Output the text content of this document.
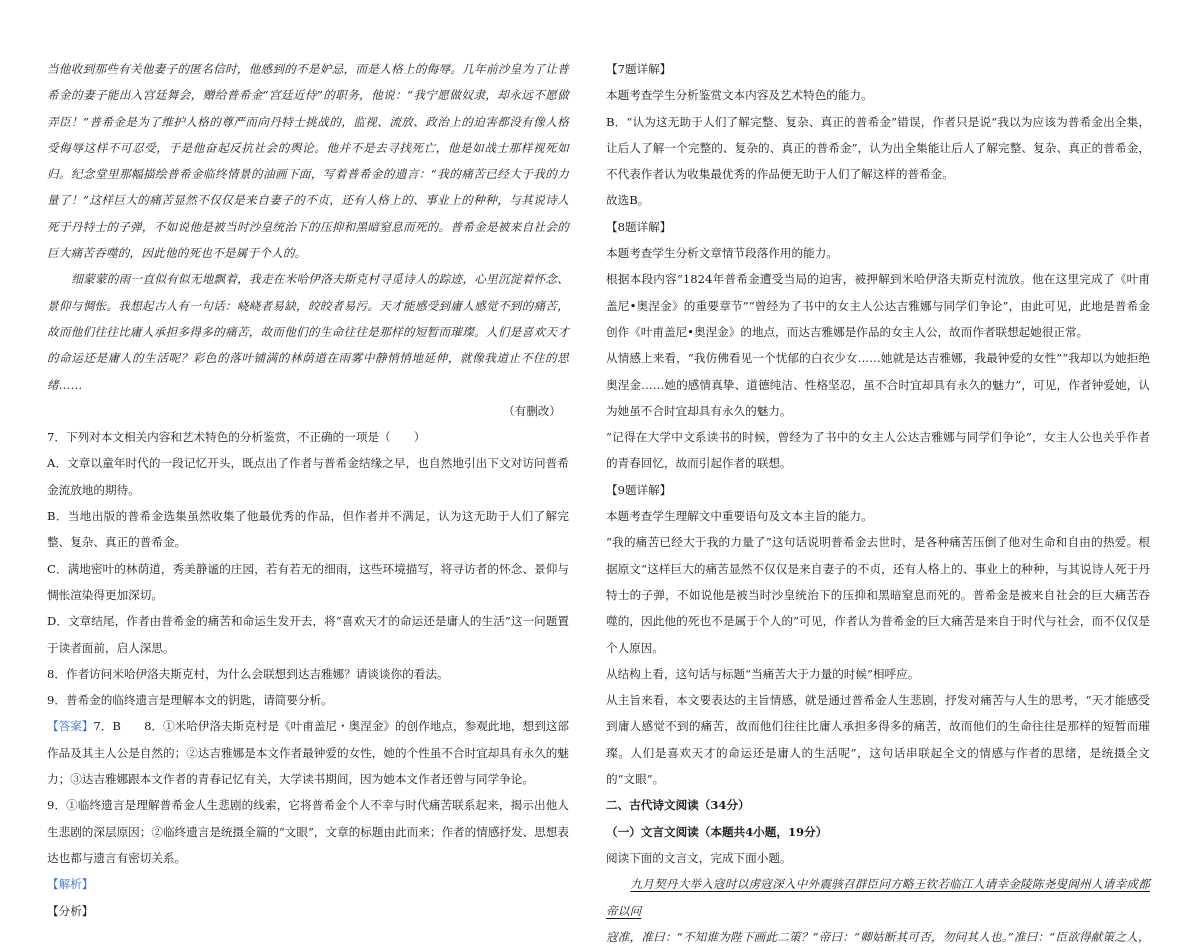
当他收到那些有关他妻子的匿名信时，他感到的不是妒忌，而是人格上的侮辱。几年前沙皇为了让普希金的妻子能出入宫廷舞会，赠给普希金“宫廷近侍”的职务，他说：“我宁愿做奴隶，却永远不愿做弄臣！”普希金是为了维护人格的尊严而向丹特士挑战的，监视、流放、政治上的迫害都没有像人格受侮辱这样不可忍受，于是他奋起反抗社会的舆论。他并不是去寻找死亡，他是如战士那样视死如归。纪念堂里那幅描绘普希金临终情景的油画下面，写着普希金的遗言：“我的痛苦已经大于我的力量了！”这样巨大的痛苦显然不仅仅是来自妻子的不贞，还有人格上的、事业上的种种，与其说诗人死于丹特士的子弹，不如说他是被当时沙皇统治下的压抑和黑暗窒息而死的。普希金是被来自社会的巨大痛苦吞噬的，因此他的死也不是属于个人的。

细蒙蒙的雨一直似有似无地飘着，我走在米哈伊洛夫斯克村寻觅诗人的踪迹，心里沉淀着怀念、景仰与惆怅。我想起古人有一句话：峣峣者易缺，皎皎者易污。天才能感受到庸人感觉不到的痛苦，故而他们往往比庸人承担多得多的痛苦，故而他们的生命往往是那样的短暂而璀璨。人们是喜欢天才的命运还是庸人的生活呢？彩色的落叶铺满的林荫道在雨雾中静悄悄地延伸，就像我道止不住的思绪……

（有删改）

7．下列对本文相关内容和艺术特色的分析鉴赏，不正确的一项是（　　）

A．文章以童年时代的一段记忆开头，既点出了作者与普希金结缘之早，也自然地引出下文对访问普希金流放地的期待。

B．当地出版的普希金选集虽然收集了他最优秀的作品，但作者并不满足，认为这无助于人们了解完整、复杂、真正的普希金。

C．满地密叶的林荫道，秀美静谧的庄园，若有若无的细雨，这些环境描写，将寻访者的怀念、景仰与惆怅渲染得更加深切。

D．文章结尾，作者由普希金的痛苦和命运生发开去，将“喜欢天才的命运还是庸人的生活”这一问题置于读者面前，启人深思。

8．作者访问米哈伊洛夫斯克村，为什么会联想到达吉雅娜？请谈谈你的看法。

9．普希金的临终遗言是理解本文的钥匙，请简要分析。

【答案】7．B　　8．①米哈伊洛夫斯克村是《叶甫盖尼・奥涅金》的创作地点，参观此地，想到这部作品及其主人公是自然的；②达吉雅娜是本文作者最钟爱的女性，她的个性虽不合时宜却具有永久的魅力；③达吉雅娜跟本文作者的青春记忆有关，大学读书期间，因为她本文作者还曾与同学争论。

9．①临终遗言是理解普希金人生悲剧的线索，它将普希金个人不幸与时代痛苦联系起来，揭示出他人生悲剧的深层原因；②临终遗言是统摄全篇的“文眼”，文章的标题由此而来；作者的情感抒发、思想表达也都与遗言有密切关系。

【解析】

【分析】

【7题详解】

本题考查学生分析鉴赏文本内容及艺术特色的能力。

B．“认为这无助于人们了解完整、复杂、真正的普希金”错误，作者只是说“我以为应该为普希金出全集，让后人了解一个完整的、复杂的、真正的普希金”，认为出全集能让后人了解完整、复杂、真正的普希金，不代表作者认为收集最优秀的作品便无助于人们了解这样的普希金。

故选B。

【8题详解】

本题考查学生分析文章情节段落作用的能力。

根据本段内容“1824年普希金遭受当局的迫害，被押解到米哈伊洛夫斯克村流放。他在这里完成了《叶甫盖尼•奥涅金》的重要章节”“曾经为了书中的女主人公达吉雅娜与同学们争论”，由此可见，此地是普希金创作《叶甫盖尼•奥涅金》的地点，而达吉雅娜是作品的女主人公，故而作者联想起她很正常。

从情感上来看，“我仿佛看见一个忧郁的白衣少女……她就是达吉雅娜，我最钟爱的女性”“我却以为她拒绝奥涅金……她的感情真挚、道德纯洁、性格坚忍，虽不合时宜却具有永久的魅力”，可见，作者钟爱她，认为她虽不合时宜却具有永久的魅力。

“记得在大学中文系读书的时候，曾经为了书中的女主人公达吉雅娜与同学们争论”，女主人公也关乎作者的青春回忆，故而引起作者的联想。

【9题详解】

本题考查学生理解文中重要语句及文本主旨的能力。

“我的痛苦已经大于我的力量了”这句话说明普希金去世时，是各种痛苦压倒了他对生命和自由的热爱。根据原文“这样巨大的痛苦显然不仅仅是来自妻子的不贞，还有人格上的、事业上的种种，与其说诗人死于丹特士的子弹，不如说他是被当时沙皇统治下的压抑和黑暗窒息而死的。普希金是被来自社会的巨大痛苦吞噬的，因此他的死也不是属于个人的”可见，作者认为普希金的巨大痛苦是来自于时代与社会，而不仅仅是个人原因。

从结构上看，这句话与标题“当痛苦大于力量的时候”相呼应。

从主旨来看，本文要表达的主旨情感，就是通过普希金人生悲剧，抒发对痛苦与人生的思考，“天才能感受到庸人感觉不到的痛苦，故而他们往往比庸人承担多得多的痛苦，故而他们的生命往往是那样的短暂而璀璨。人们是喜欢天才的命运还是庸人的生活呢”，这句话串联起全文的情感与作者的思绪，是统摄全文的“文眼”。

二、古代诗文阅读（34分）

（一）文言文阅读（本题共4小题，19分）

阅读下面的文言文，完成下面小题。

九月契丹大举入寇时以虏寇深入中外震骇召群臣问方略王钦若临江人请幸金陵陈尧叟阆州人请幸成都帝以问

寇准，准曰：“不知谁为陛下画此二策？”帝曰：“卿姑断其可否，勿问其人也。”准曰：“臣欲得献策之人，
